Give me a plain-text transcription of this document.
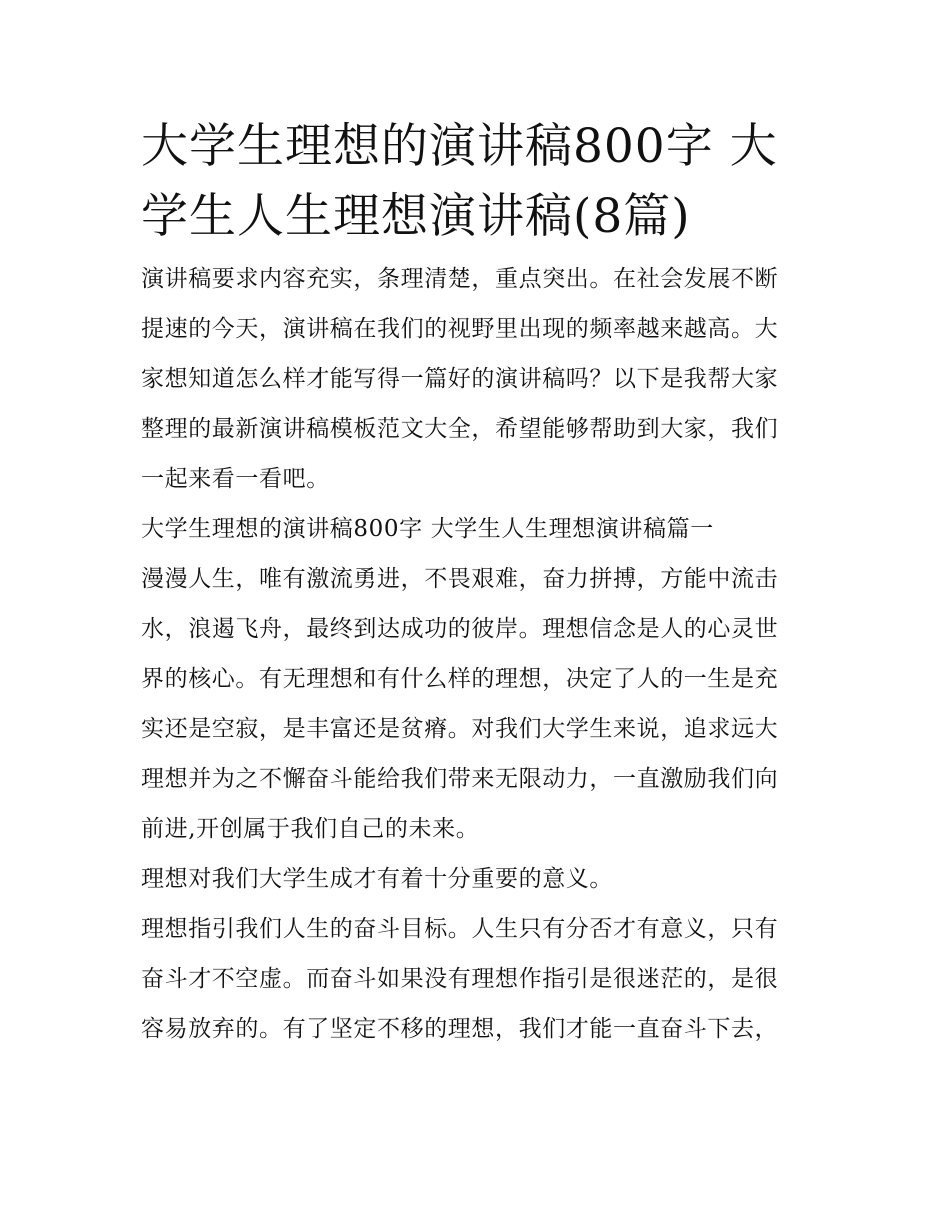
大学生理想的演讲稿800字 大
学生人生理想演讲稿(8篇)
演讲稿要求内容充实，条理清楚，重点突出。在社会发展不断
提速的今天，演讲稿在我们的视野里出现的频率越来越高。大
家想知道怎么样才能写得一篇好的演讲稿吗？以下是我帮大家
整理的最新演讲稿模板范文大全，希望能够帮助到大家，我们
一起来看一看吧。
大学生理想的演讲稿800字 大学生人生理想演讲稿篇一
漫漫人生，唯有激流勇进，不畏艰难，奋力拼搏，方能中流击
水，浪遏飞舟，最终到达成功的彼岸。理想信念是人的心灵世
界的核心。有无理想和有什么样的理想，决定了人的一生是充
实还是空寂，是丰富还是贫瘠。对我们大学生来说，追求远大
理想并为之不懈奋斗能给我们带来无限动力，一直激励我们向
前进,开创属于我们自己的未来。
理想对我们大学生成才有着十分重要的意义。
理想指引我们人生的奋斗目标。人生只有分否才有意义，只有
奋斗才不空虚。而奋斗如果没有理想作指引是很迷茫的，是很
容易放弃的。有了坚定不移的理想，我们才能一直奋斗下去，
